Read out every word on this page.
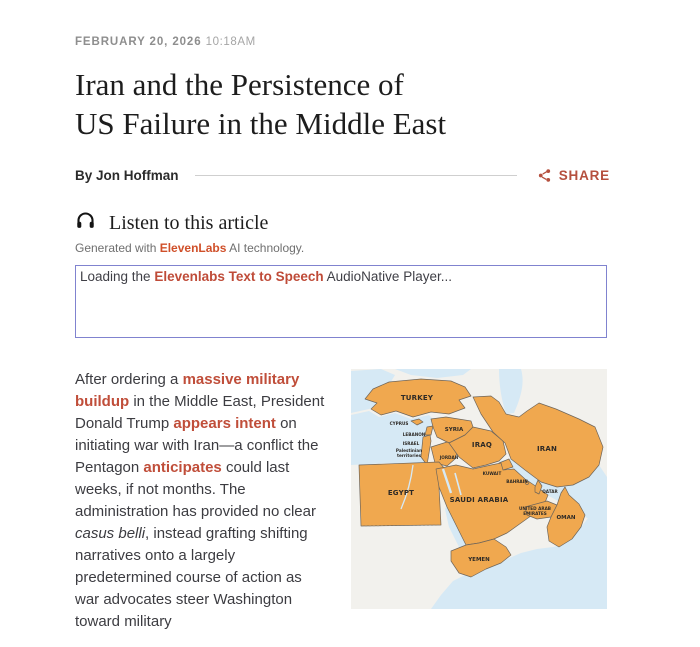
FEBRUARY 20, 2026 10:18AM
Iran and the Persistence of
US Failure in the Middle East
By Jon Hoffman	SHARE
Listen to this article
Generated with ElevenLabs AI technology.
Loading the Elevenlabs Text to Speech AudioNative Player...

After ordering a massive military buildup in the Middle East, President Donald Trump appears intent on initiating war with Iran—a conflict the Pentagon anticipates could last weeks, if not months. The administration has provided no clear casus belli, instead grafting shifting narratives onto a largely predetermined course of action as war advocates steer Washington toward military

TURKEY
CYPRUS
SYRIA
LEBANON
ISRAEL
Palestinian
territories	JORDAN
IRAQ	IRAN
KUWAIT
EGYPT
BAHRAIN
QATAR
SAUDI ARABIA
UNITED ARAB
EMIRATES
OMAN
YEMEN
